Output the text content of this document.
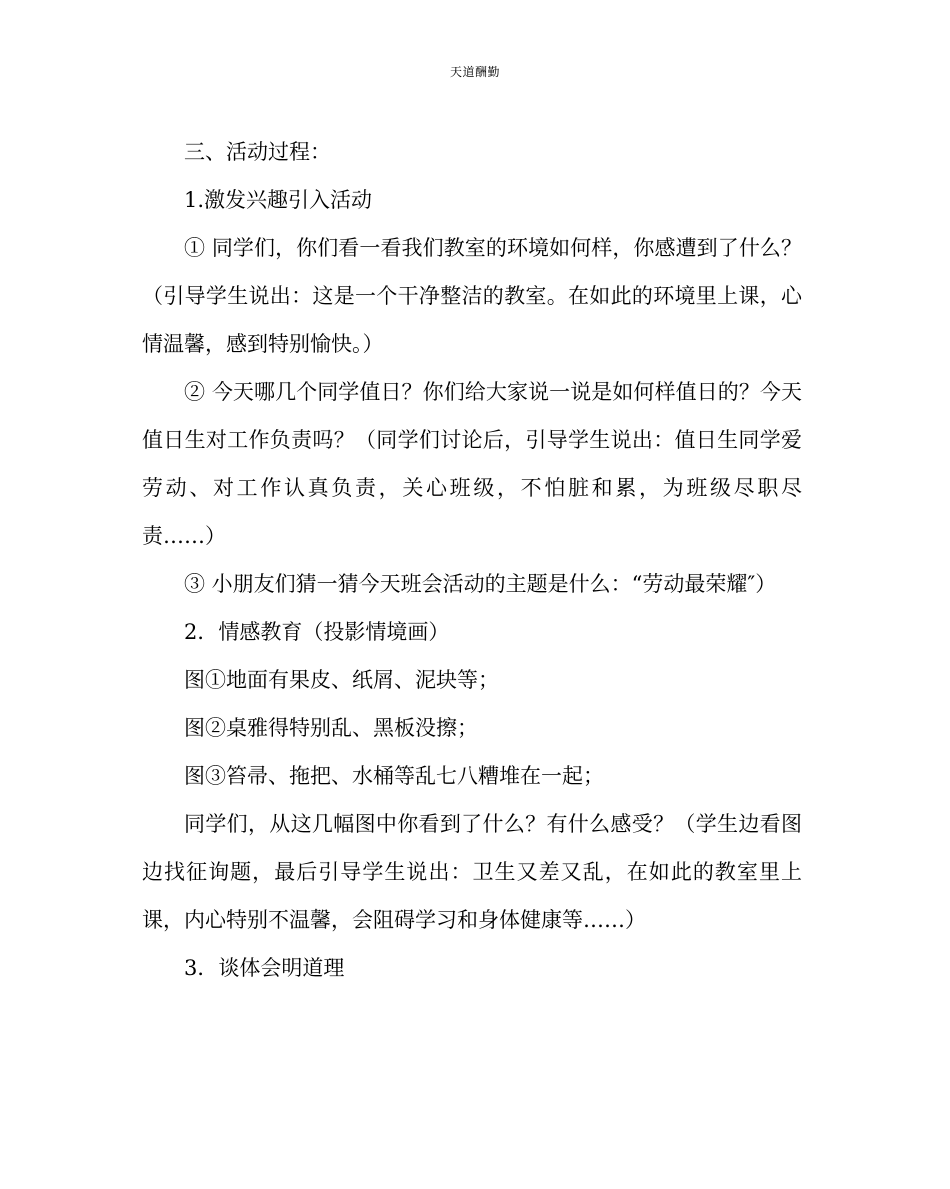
天道酬勤

三、活动过程：

1.激发兴趣引入活动

① 同学们，你们看一看我们教室的环境如何样，你感遭到了什么？（引导学生说出：这是一个干净整洁的教室。在如此的环境里上课，心情温馨，感到特别愉快。）

② 今天哪几个同学值日？你们给大家说一说是如何样值日的？今天值日生对工作负责吗？（同学们讨论后，引导学生说出：值日生同学爱劳动、对工作认真负责，关心班级，不怕脏和累，为班级尽职尽责……）

③ 小朋友们猜一猜今天班会活动的主题是什么：“劳动最荣耀″）

2．情感教育（投影情境画）

图①地面有果皮、纸屑、泥块等；

图②桌雅得特别乱、黑板没擦；

图③笞帚、拖把、水桶等乱七八糟堆在一起；

同学们，从这几幅图中你看到了什么？有什么感受？（学生边看图边找征询题，最后引导学生说出：卫生又差又乱，在如此的教室里上课，内心特别不温馨，会阻碍学习和身体健康等……）

3．谈体会明道理
